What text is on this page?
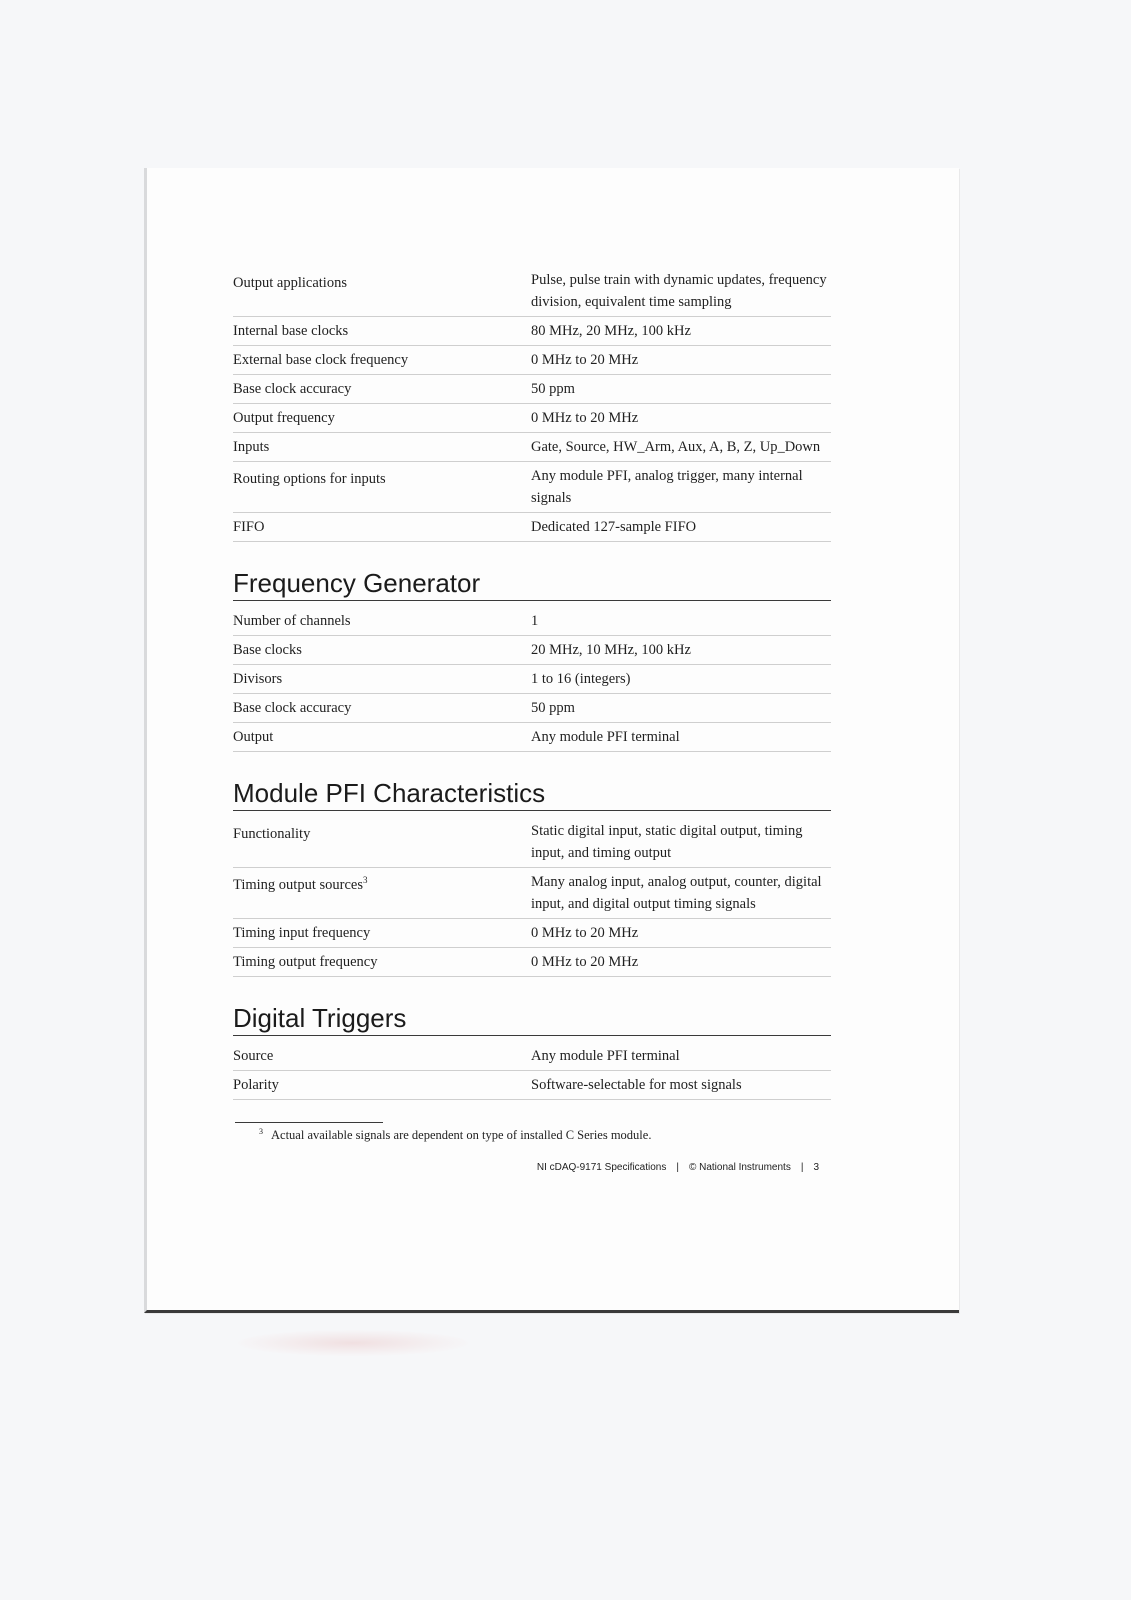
Output applications	Pulse, pulse train with dynamic updates, frequency division, equivalent time sampling
Internal base clocks	80 MHz, 20 MHz, 100 kHz
External base clock frequency	0 MHz to 20 MHz
Base clock accuracy	50 ppm
Output frequency	0 MHz to 20 MHz
Inputs	Gate, Source, HW_Arm, Aux, A, B, Z, Up_Down
Routing options for inputs	Any module PFI, analog trigger, many internal signals
FIFO	Dedicated 127-sample FIFO
Frequency Generator
Number of channels	1
Base clocks	20 MHz, 10 MHz, 100 kHz
Divisors	1 to 16 (integers)
Base clock accuracy	50 ppm
Output	Any module PFI terminal
Module PFI Characteristics
Functionality	Static digital input, static digital output, timing input, and timing output
Timing output sources$^3$	Many analog input, analog output, counter, digital input, and digital output timing signals
Timing input frequency	0 MHz to 20 MHz
Timing output frequency	0 MHz to 20 MHz
Digital Triggers
Source	Any module PFI terminal
Polarity	Software-selectable for most signals
$^3$ Actual available signals are dependent on type of installed C Series module.
NI cDAQ-9171 Specifications | © National Instruments | 3
